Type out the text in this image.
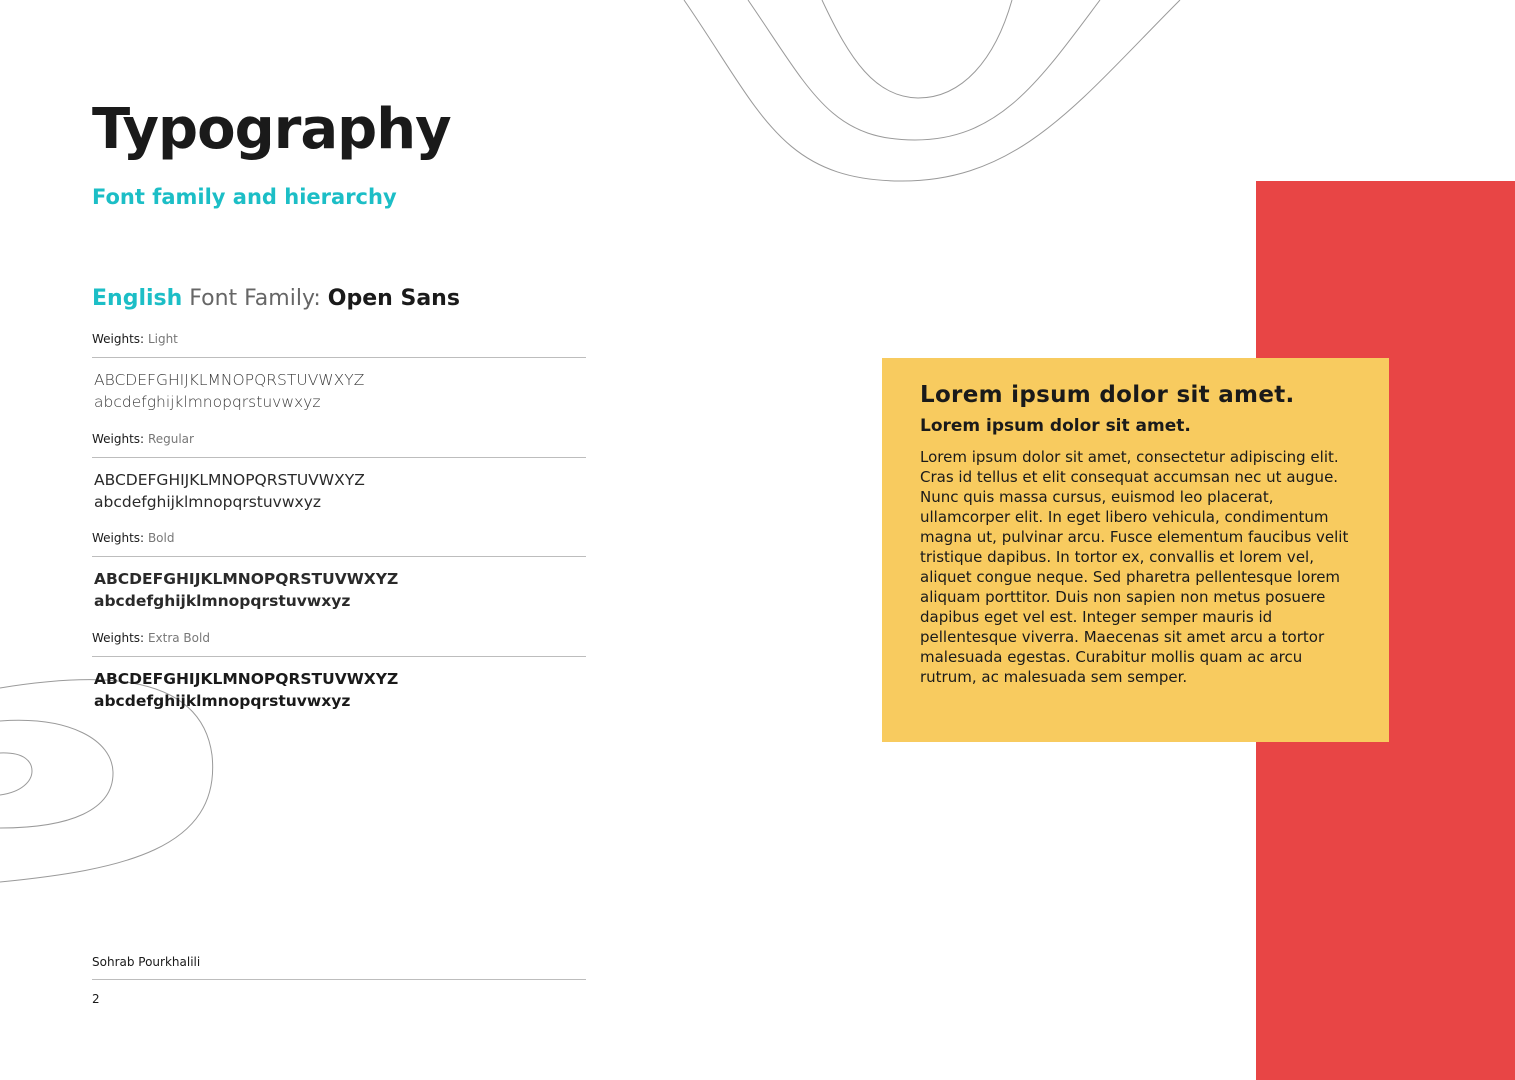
Typography
Font family and hierarchy
English Font Family: Open Sans
Weights: Light
ABCDEFGHIJKLMNOPQRSTUVWXYZ
abcdefghijklmnopqrstuvwxyz
Weights: Regular
ABCDEFGHIJKLMNOPQRSTUVWXYZ
abcdefghijklmnopqrstuvwxyz
Weights: Bold
ABCDEFGHIJKLMNOPQRSTUVWXYZ
abcdefghijklmnopqrstuvwxyz
Weights: Extra Bold
ABCDEFGHIJKLMNOPQRSTUVWXYZ
abcdefghijklmnopqrstuvwxyz
Lorem ipsum dolor sit amet.
Lorem ipsum dolor sit amet.
Lorem ipsum dolor sit amet, consectetur adipiscing elit. Cras id tellus et elit consequat accumsan nec ut augue. Nunc quis massa cursus, euismod leo placerat, ullamcorper elit. In eget libero vehicula, condimentum magna ut, pulvinar arcu. Fusce elementum faucibus velit tristique dapibus. In tortor ex, convallis et lorem vel, aliquet congue neque. Sed pharetra pellentesque lorem aliquam porttitor. Duis non sapien non metus posuere dapibus eget vel est. Integer semper mauris id pellentesque viverra. Maecenas sit amet arcu a tortor malesuada egestas. Curabitur mollis quam ac arcu rutrum, ac malesuada sem semper.
Sohrab Pourkhalili
2
